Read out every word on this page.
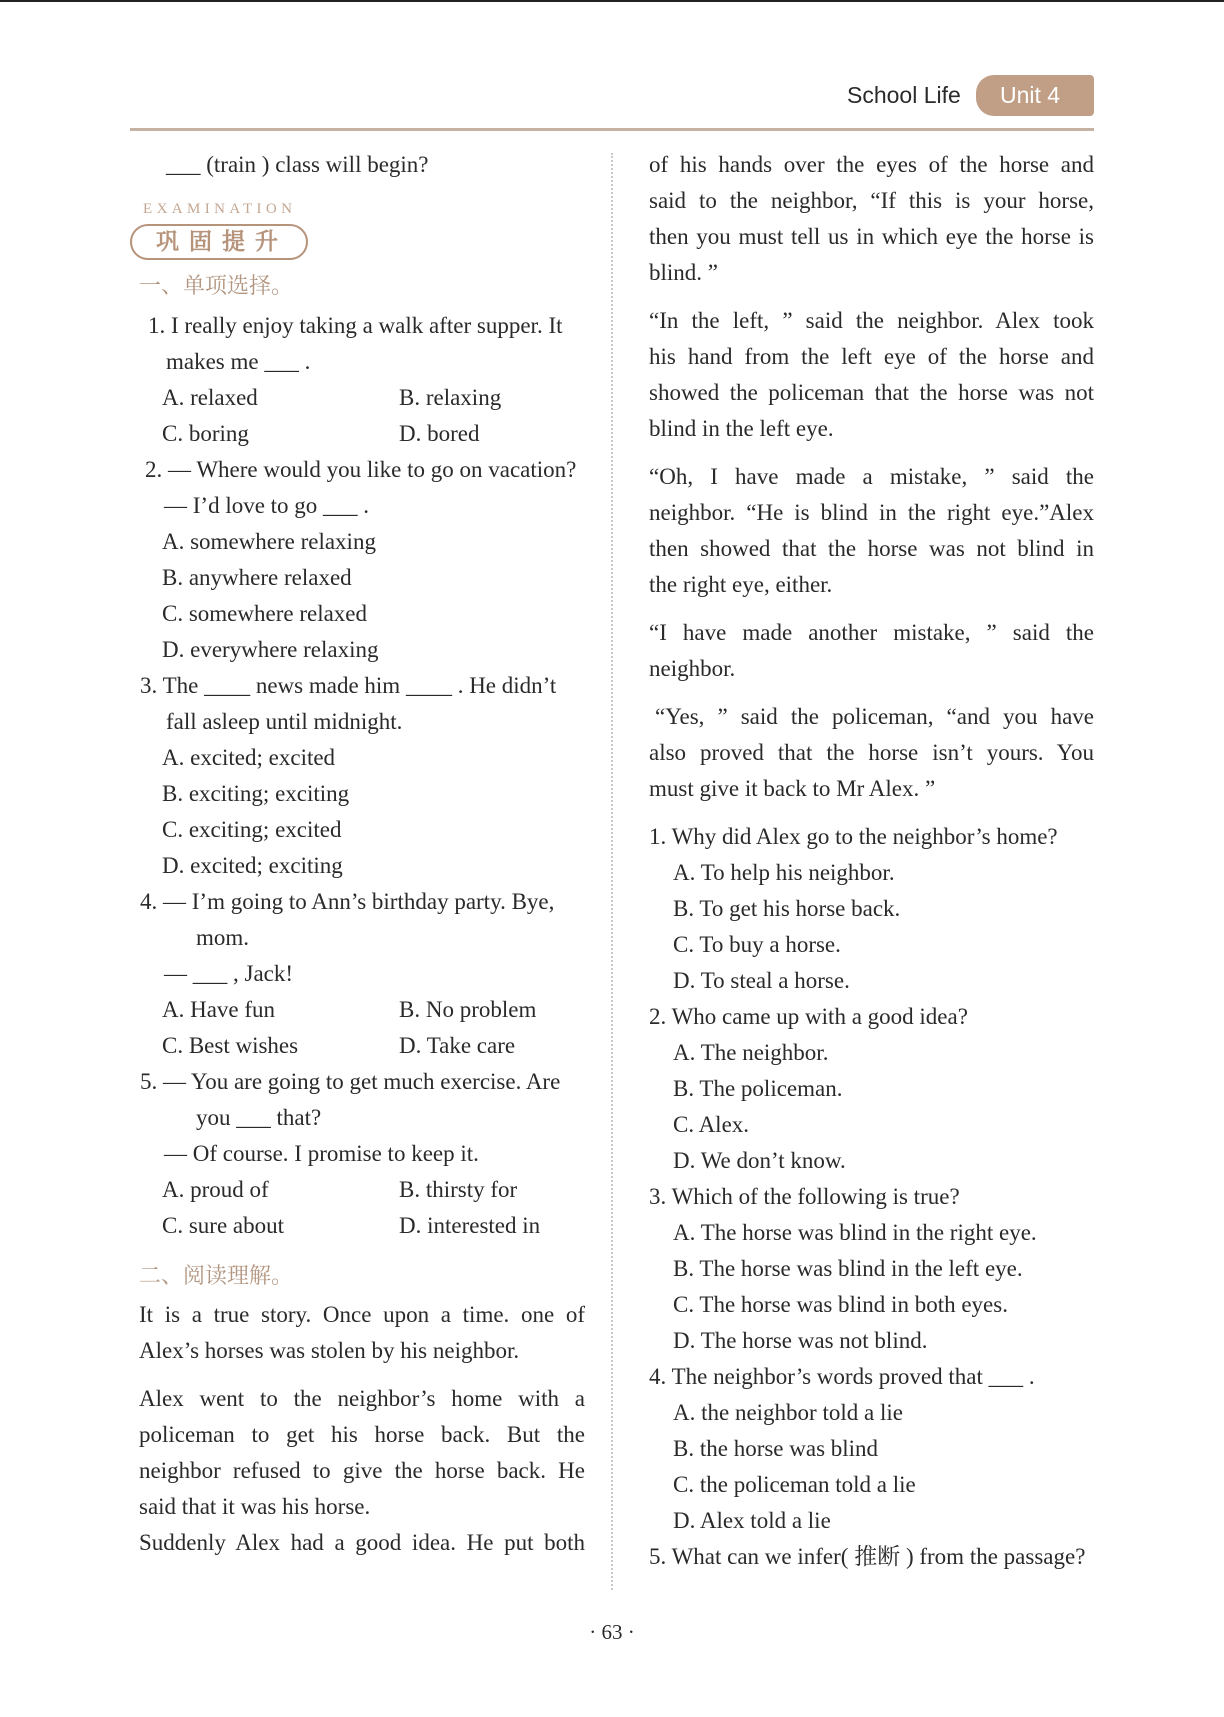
School Life	Unit 4
___ (train ) class will begin?
EXAMINATION
巩固提升
一、单项选择。
1. I really enjoy taking a walk after supper. It
makes me ___ .
A. relaxed	B. relaxing
C. boring	D. bored
2. — Where would you like to go on vacation?
— I’d love to go ___ .
A. somewhere relaxing
B. anywhere relaxed
C. somewhere relaxed
D. everywhere relaxing
3. The ____ news made him ____ . He didn’t
fall asleep until midnight.
A. excited; excited
B. exciting; exciting
C. exciting; excited
D. excited; exciting
4. — I’m going to Ann’s birthday party. Bye,
mom.
— ___ , Jack!
A. Have fun	B. No problem
C. Best wishes	D. Take care
5. — You are going to get much exercise. Are
you ___ that?
— Of course. I promise to keep it.
A. proud of	B. thirsty for
C. sure about	D. interested in
二、阅读理解。
It is a true story. Once upon a time. one of
Alex’s horses was stolen by his neighbor.
Alex went to the neighbor’s home with a
policeman to get his horse back. But the
neighbor refused to give the horse back. He
said that it was his horse.
Suddenly Alex had a good idea. He put both
of his hands over the eyes of the horse and
said to the neighbor, “If this is your horse,
then you must tell us in which eye the horse is
blind. ”
“In the left, ” said the neighbor. Alex took
his hand from the left eye of the horse and
showed the policeman that the horse was not
blind in the left eye.
“Oh, I have made a mistake, ” said the
neighbor. “He is blind in the right eye.”Alex
then showed that the horse was not blind in
the right eye, either.
“I have made another mistake, ” said the
neighbor.
“Yes, ” said the policeman, “and you have
also proved that the horse isn’t yours. You
must give it back to Mr Alex. ”
1. Why did Alex go to the neighbor’s home?
A. To help his neighbor.
B. To get his horse back.
C. To buy a horse.
D. To steal a horse.
2. Who came up with a good idea?
A. The neighbor.
B. The policeman.
C. Alex.
D. We don’t know.
3. Which of the following is true?
A. The horse was blind in the right eye.
B. The horse was blind in the left eye.
C. The horse was blind in both eyes.
D. The horse was not blind.
4. The neighbor’s words proved that ___ .
A. the neighbor told a lie
B. the horse was blind
C. the policeman told a lie
D. Alex told a lie
5. What can we infer( 推断 ) from the passage?
· 63 ·
